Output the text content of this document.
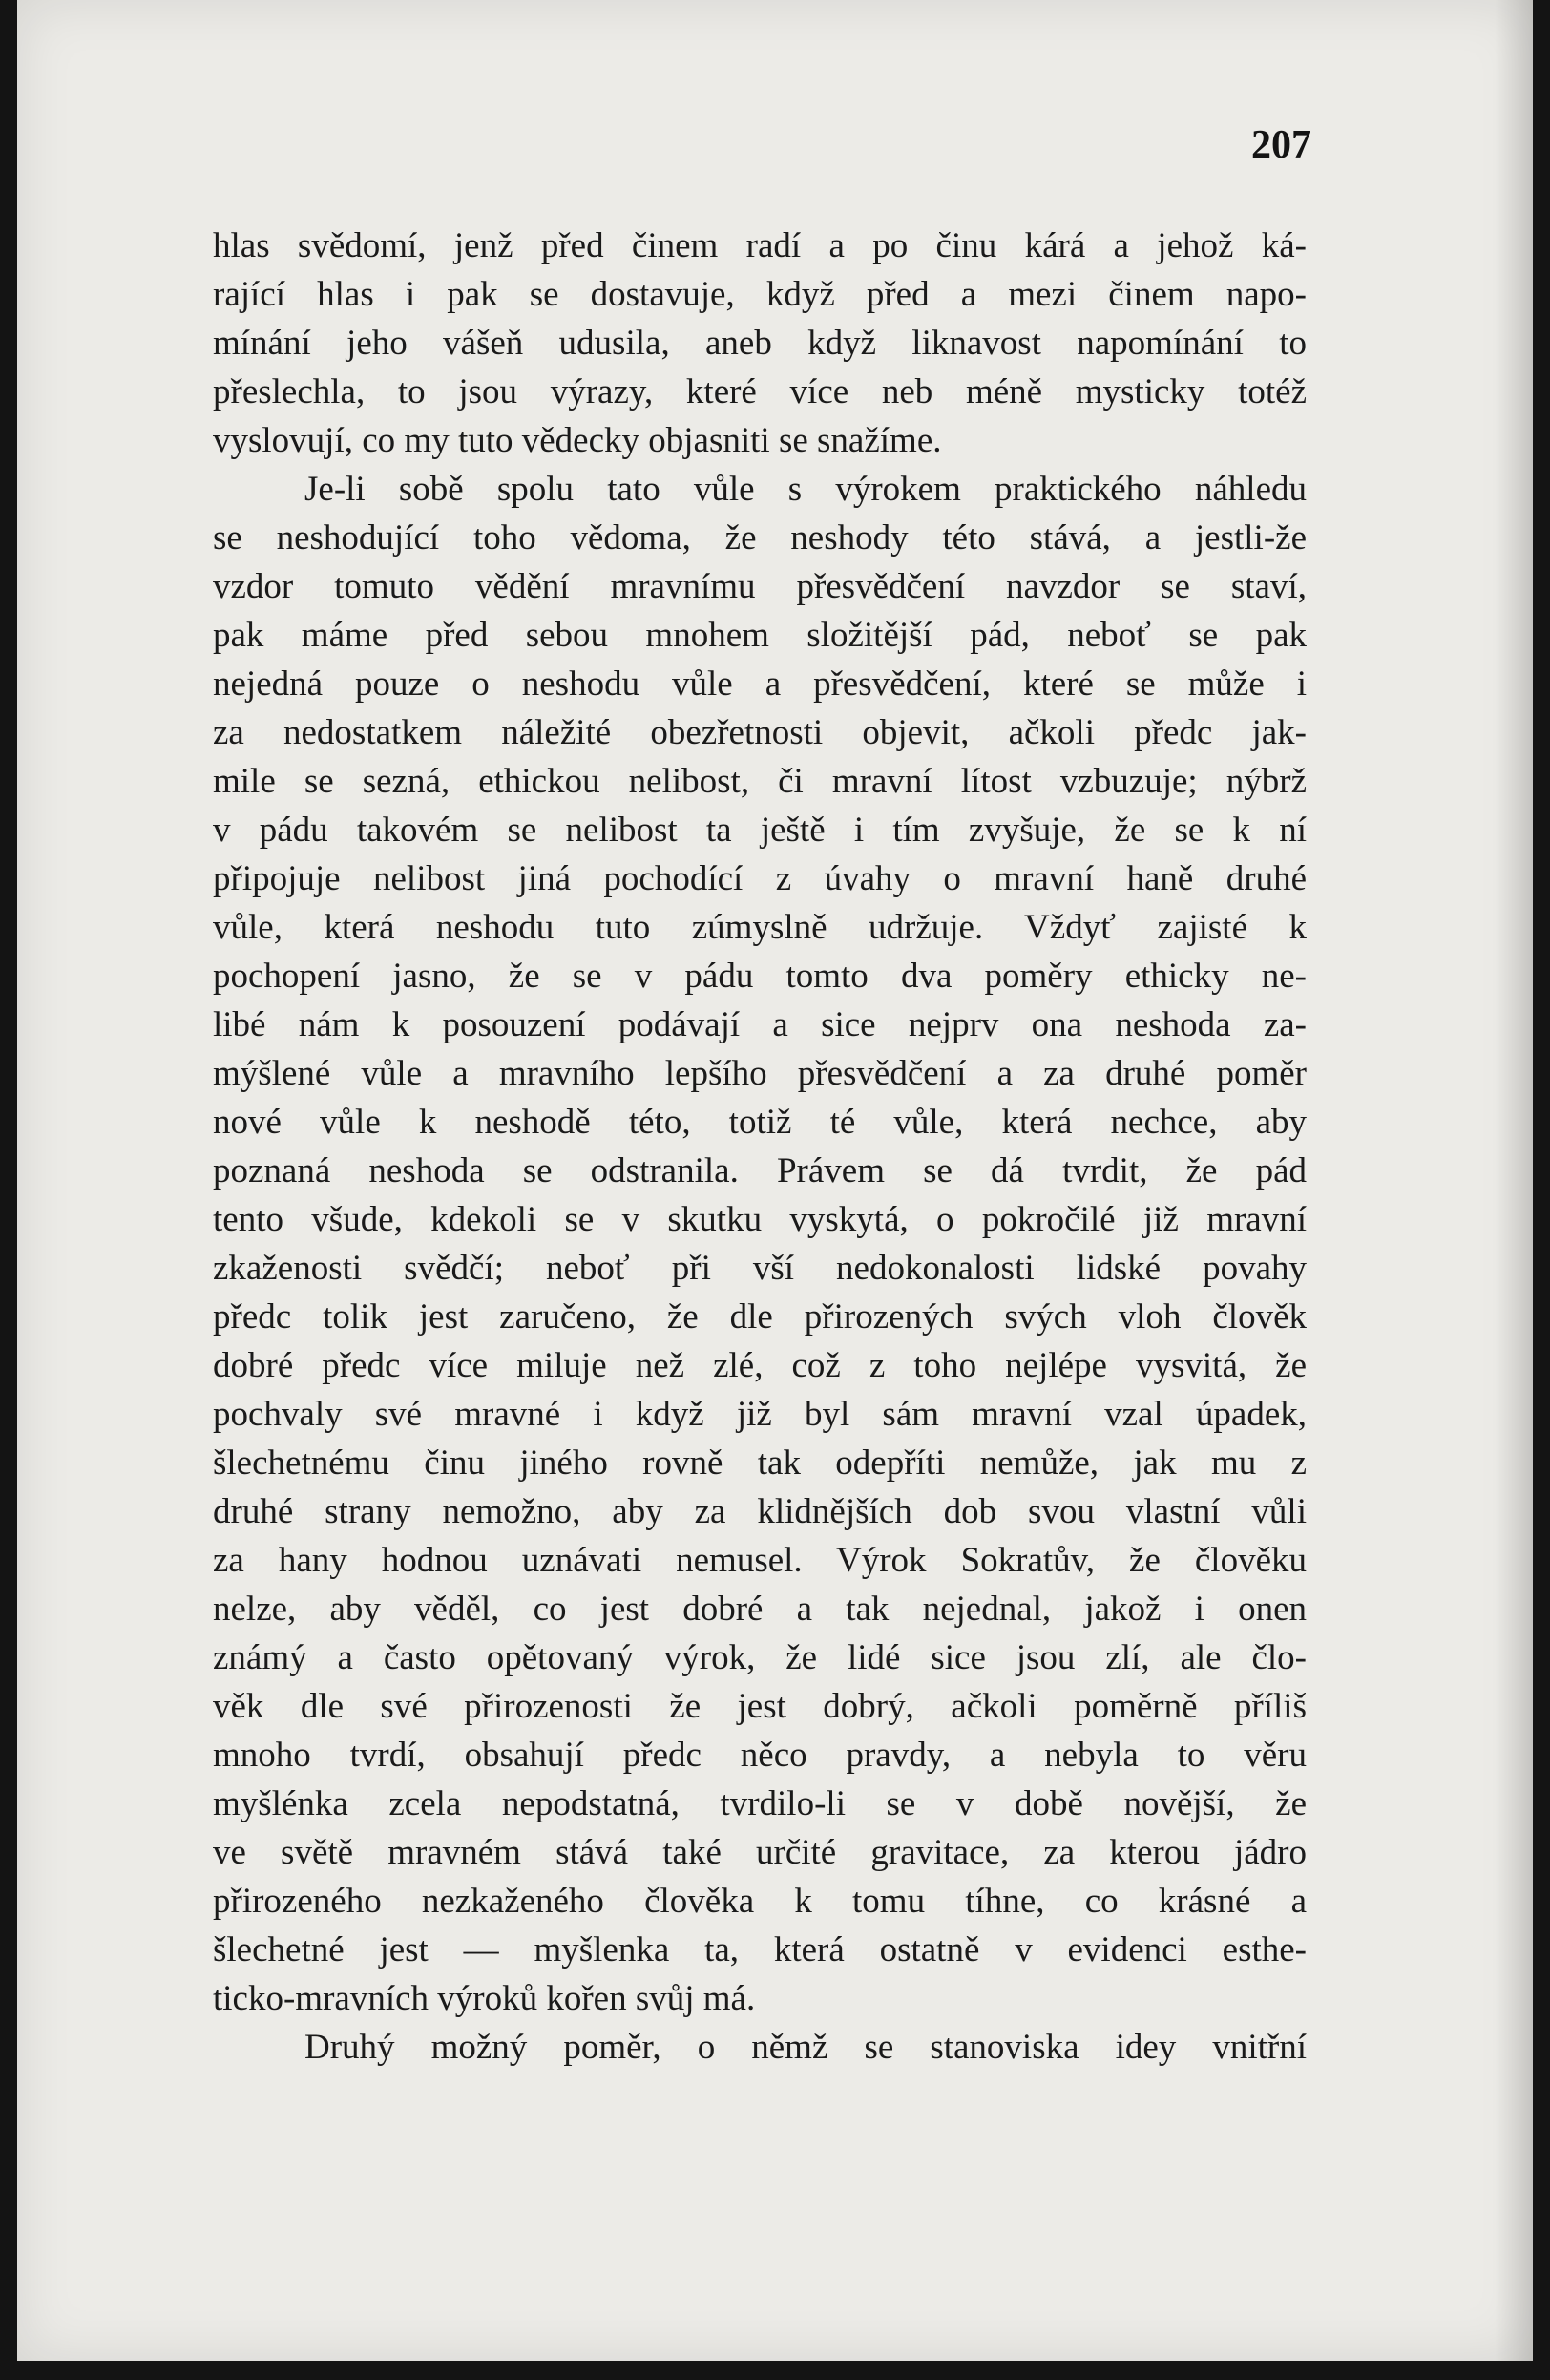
207
hlas svědomí, jenž před činem radí a po činu kárá a jehož ká-
rající hlas i pak se dostavuje, když před a mezi činem napo-
mínání jeho vášeň udusila, aneb když liknavost napomínání to
přeslechla, to jsou výrazy, které více neb méně mysticky totéž
vyslovují, co my tuto vědecky objasniti se snažíme.
Je-li sobě spolu tato vůle s výrokem praktického náhledu
se neshodující toho vědoma, že neshody této stává, a jestli-že
vzdor tomuto vědění mravnímu přesvědčení navzdor se staví,
pak máme před sebou mnohem složitější pád, neboť se pak
nejedná pouze o neshodu vůle a přesvědčení, které se může i
za nedostatkem náležité obezřetnosti objevit, ačkoli předc jak-
mile se sezná, ethickou nelibost, či mravní lítost vzbuzuje; nýbrž
v pádu takovém se nelibost ta ještě i tím zvyšuje, že se k ní
připojuje nelibost jiná pochodící z úvahy o mravní haně druhé
vůle, která neshodu tuto zúmyslně udržuje. Vždyť zajisté k
pochopení jasno, že se v pádu tomto dva poměry ethicky ne-
libé nám k posouzení podávají a sice nejprv ona neshoda za-
mýšlené vůle a mravního lepšího přesvědčení a za druhé poměr
nové vůle k neshodě této, totiž té vůle, která nechce, aby
poznaná neshoda se odstranila. Právem se dá tvrdit, že pád
tento všude, kdekoli se v skutku vyskytá, o pokročilé již mravní
zkaženosti svědčí; neboť při vší nedokonalosti lidské povahy
předc tolik jest zaručeno, že dle přirozených svých vloh člověk
dobré předc více miluje než zlé, což z toho nejlépe vysvitá, že
pochvaly své mravné i když již byl sám mravní vzal úpadek,
šlechetnému činu jiného rovně tak odepříti nemůže, jak mu z
druhé strany nemožno, aby za klidnějších dob svou vlastní vůli
za hany hodnou uznávati nemusel. Výrok Sokratův, že člověku
nelze, aby věděl, co jest dobré a tak nejednal, jakož i onen
známý a často opětovaný výrok, že lidé sice jsou zlí, ale člo-
věk dle své přirozenosti že jest dobrý, ačkoli poměrně příliš
mnoho tvrdí, obsahují předc něco pravdy, a nebyla to věru
myšlénka zcela nepodstatná, tvrdilo-li se v době novější, že
ve světě mravném stává také určité gravitace, za kterou jádro
přirozeného nezkaženého člověka k tomu tíhne, co krásné a
šlechetné jest — myšlenka ta, která ostatně v evidenci esthe-
ticko-mravních výroků kořen svůj má.
Druhý možný poměr, o němž se stanoviska idey vnitřní
